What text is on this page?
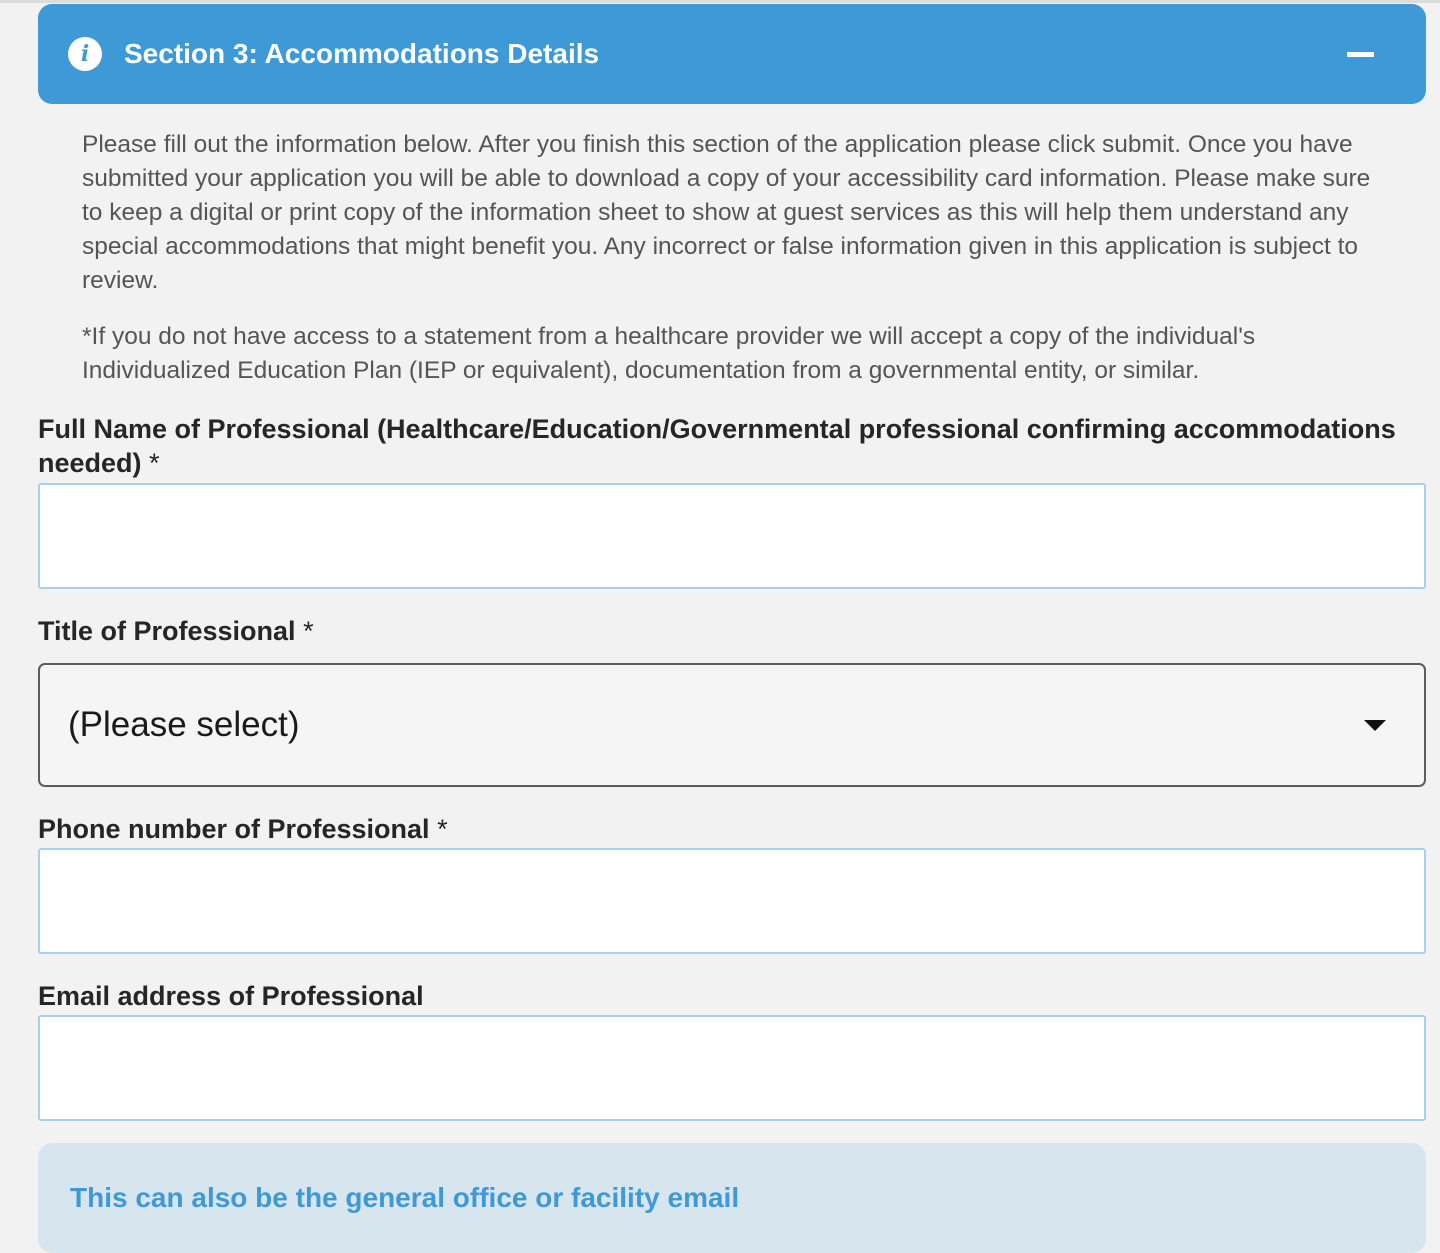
i Section 3: Accommodations Details

Please fill out the information below. After you finish this section of the application please click submit. Once you have submitted your application you will be able to download a copy of your accessibility card information. Please make sure to keep a digital or print copy of the information sheet to show at guest services as this will help them understand any special accommodations that might benefit you. Any incorrect or false information given in this application is subject to review.

*If you do not have access to a statement from a healthcare provider we will accept a copy of the individual's Individualized Education Plan (IEP or equivalent), documentation from a governmental entity, or similar.

Full Name of Professional (Healthcare/Education/Governmental professional confirming accommodations needed) *
Title of Professional *
(Please select)
Phone number of Professional *
Email address of Professional
This can also be the general office or facility email
